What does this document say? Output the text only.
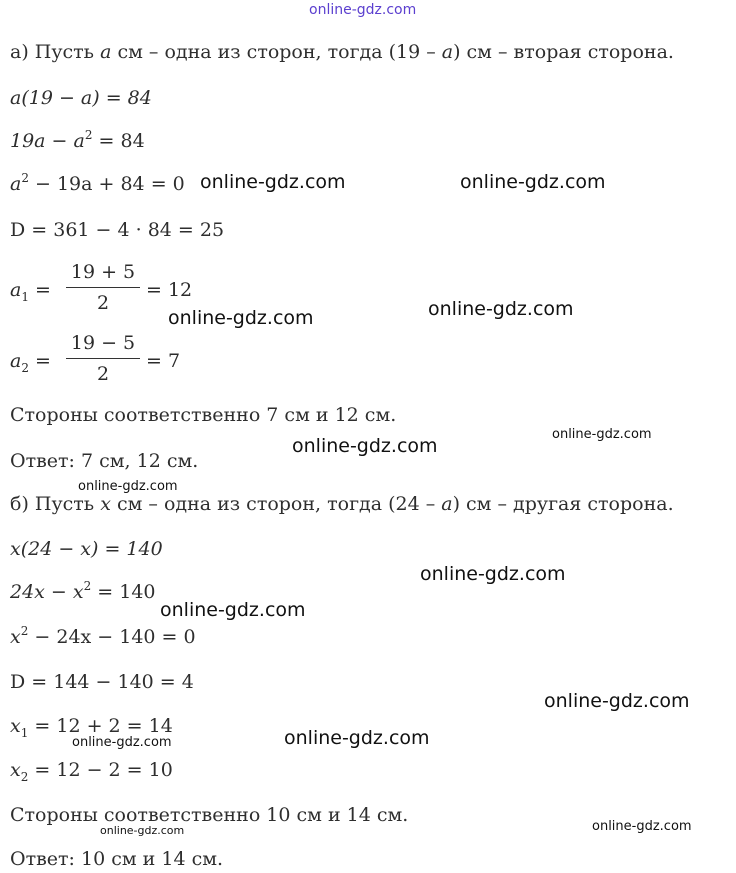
online-gdz.com
а) Пусть a см – одна из сторон, тогда (19 – a) см – вторая сторона.
a(19 − a) = 84
$19a - a^2 = 84$
$a^2 - 19a + 84 = 0$
D = 361 − 4 · 84 = 25
$a_1$ =
19 + 5
2
= 12
$a_2$ =
19 − 5
2
= 7
Стороны соответственно 7 см и 12 см.
Ответ: 7 см, 12 см.
б) Пусть x см – одна из сторон, тогда (24 – a) см – другая сторона.
x(24 − x) = 140
$24x - x^2 = 140$
$x^2 - 24x - 140 = 0$
D = 144 − 140 = 4
$x_1 = 12 + 2 = 14$
$x_2 = 12 - 2 = 10$
Стороны соответственно 10 см и 14 см.
Ответ: 10 см и 14 см.
online-gdz.com	online-gdz.com
online-gdz.com
online-gdz.com
online-gdz.com
online-gdz.com
online-gdz.com
online-gdz.com
online-gdz.com
online-gdz.com
online-gdz.com
online-gdz.com
online-gdz.com
online-gdz.com
